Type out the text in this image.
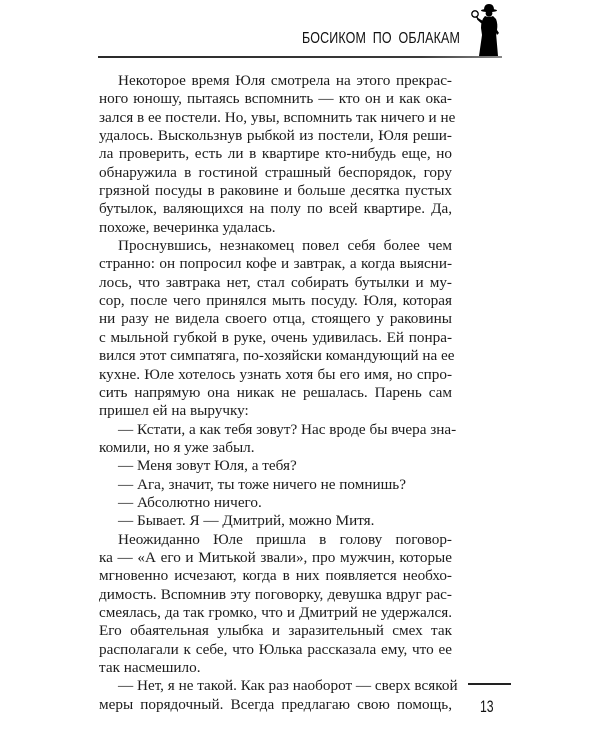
БОСИКОМ ПО ОБЛАКАМ
Некоторое время Юля смотрела на этого прекрас-
ного юношу, пытаясь вспомнить — кто он и как ока-
зался в ее постели. Но, увы, вспомнить так ничего и не
удалось. Выскользнув рыбкой из постели, Юля реши-
ла проверить, есть ли в квартире кто-нибудь еще, но
обнаружила в гостиной страшный беспорядок, гору
грязной посуды в раковине и больше десятка пустых
бутылок, валяющихся на полу по всей квартире. Да,
похоже, вечеринка удалась.
Проснувшись, незнакомец повел себя более чем
странно: он попросил кофе и завтрак, а когда выясни-
лось, что завтрака нет, стал собирать бутылки и му-
сор, после чего принялся мыть посуду. Юля, которая
ни разу не видела своего отца, стоящего у раковины
с мыльной губкой в руке, очень удивилась. Ей понра-
вился этот симпатяга, по-хозяйски командующий на ее
кухне. Юле хотелось узнать хотя бы его имя, но спро-
сить напрямую она никак не решалась. Парень сам
пришел ей на выручку:
— Кстати, а как тебя зовут? Нас вроде бы вчера зна-
комили, но я уже забыл.
— Меня зовут Юля, а тебя?
— Ага, значит, ты тоже ничего не помнишь?
— Абсолютно ничего.
— Бывает. Я — Дмитрий, можно Митя.
Неожиданно Юле пришла в голову поговор-
ка — «А его и Митькой звали», про мужчин, которые
мгновенно исчезают, когда в них появляется необхо-
димость. Вспомнив эту поговорку, девушка вдруг рас-
смеялась, да так громко, что и Дмитрий не удержался.
Его обаятельная улыбка и заразительный смех так
располагали к себе, что Юлька рассказала ему, что ее
так насмешило.
— Нет, я не такой. Как раз наоборот — сверх всякой
меры порядочный. Всегда предлагаю свою помощь, 13
